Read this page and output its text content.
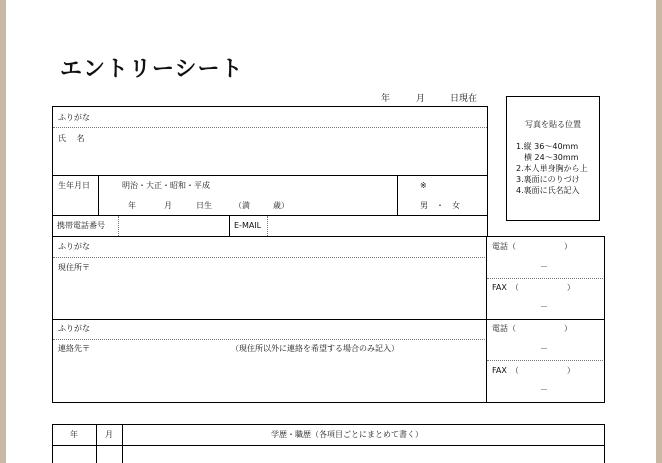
エントリーシート
年	月	日現在
写真を貼る位置
1.縦 36～40mm
　横 24～30mm
2.本人単身胸から上
3.裏面にのりづけ
4.裏面に氏名記入
ふりがな
氏　 名
生年月日	明治・大正・昭和・平成
年	月	日生	（満	歳）
※
男　・　女
携帯電話番号	E-MAIL
ふりがな
現住所〒
電話（　　　　　　）
－
FAX　（　　　　　　）
－
ふりがな
連絡先〒	（現住所以外に連絡を希望する場合のみ記入）
電話（　　　　　　）
－
FAX　（　　　　　　）
－
年	月	学歴・職歴（各項目ごとにまとめて書く）
